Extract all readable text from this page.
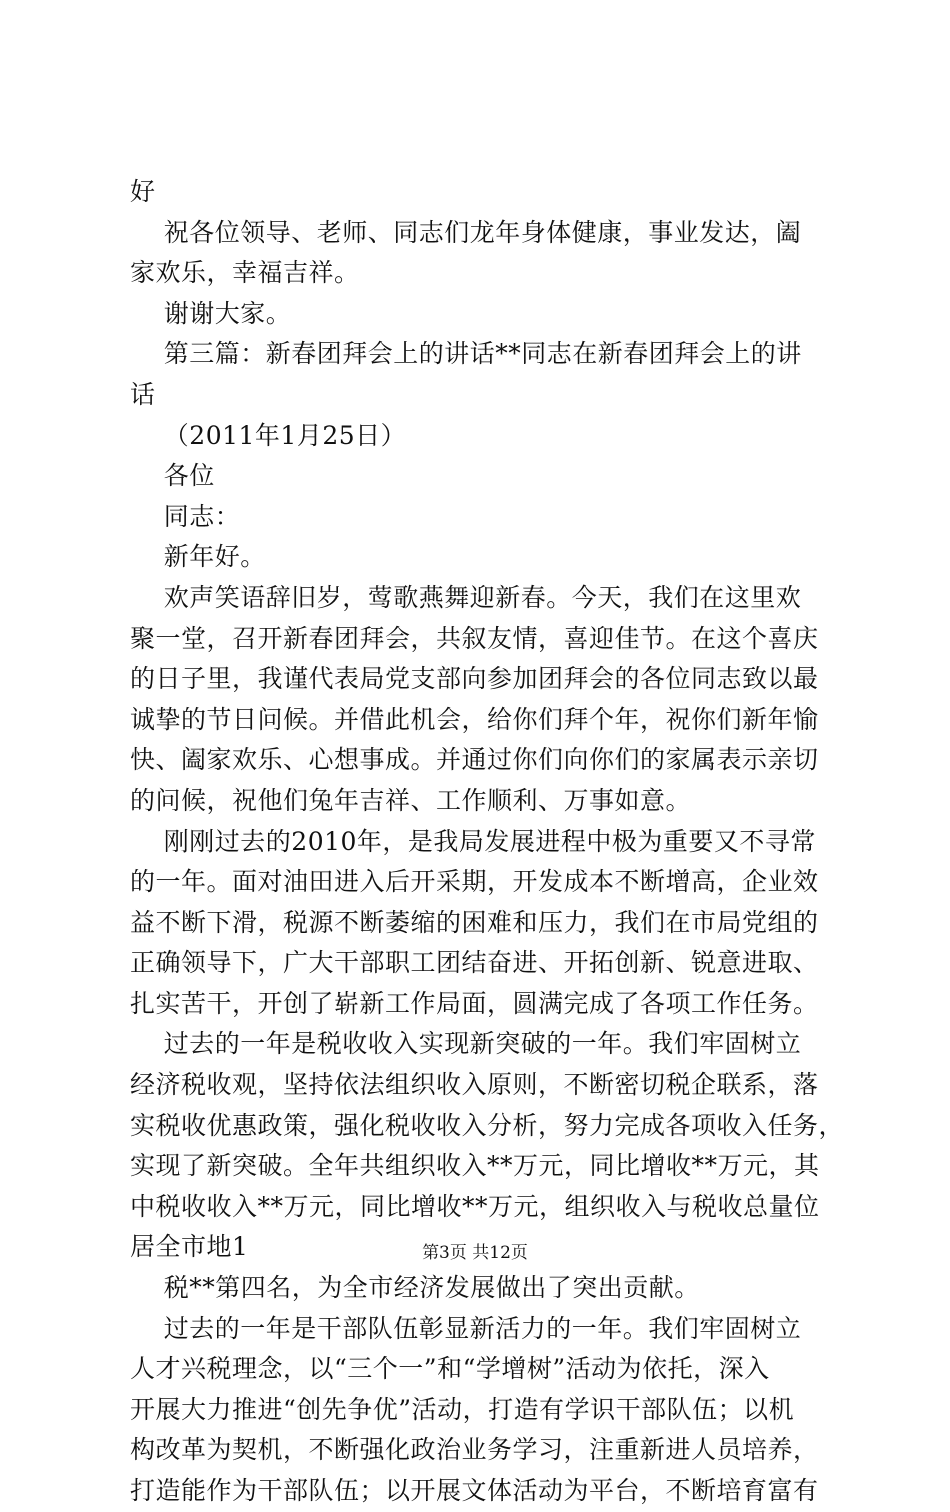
好
祝各位领导、老师、同志们龙年身体健康，事业发达，阖
家欢乐，幸福吉祥。
谢谢大家。
第三篇：新春团拜会上的讲话**同志在新春团拜会上的讲
话
（2011年1月25日）
各位
同志：
新年好。
欢声笑语辞旧岁，莺歌燕舞迎新春。今天，我们在这里欢
聚一堂，召开新春团拜会，共叙友情，喜迎佳节。在这个喜庆
的日子里，我谨代表局党支部向参加团拜会的各位同志致以最
诚挚的节日问候。并借此机会，给你们拜个年，祝你们新年愉
快、阖家欢乐、心想事成。并通过你们向你们的家属表示亲切
的问候，祝他们兔年吉祥、工作顺利、万事如意。
刚刚过去的2010年，是我局发展进程中极为重要又不寻常
的一年。面对油田进入后开采期，开发成本不断增高，企业效
益不断下滑，税源不断萎缩的困难和压力，我们在市局党组的
正确领导下，广大干部职工团结奋进、开拓创新、锐意进取、
扎实苦干，开创了崭新工作局面，圆满完成了各项工作任务。
过去的一年是税收收入实现新突破的一年。我们牢固树立
经济税收观，坚持依法组织收入原则，不断密切税企联系，落
实税收优惠政策，强化税收收入分析，努力完成各项收入任务，
实现了新突破。全年共组织收入**万元，同比增收**万元，其
中税收收入**万元，同比增收**万元，组织收入与税收总量位
居全市地1
税**第四名，为全市经济发展做出了突出贡献。
过去的一年是干部队伍彰显新活力的一年。我们牢固树立
人才兴税理念，以“三个一”和“学增树”活动为依托，深入
开展大力推进“创先争优”活动，打造有学识干部队伍；以机
构改革为契机，不断强化政治业务学习，注重新进人员培养，
打造能作为干部队伍；以开展文体活动为平台，不断培育富有
第3页 共12页
